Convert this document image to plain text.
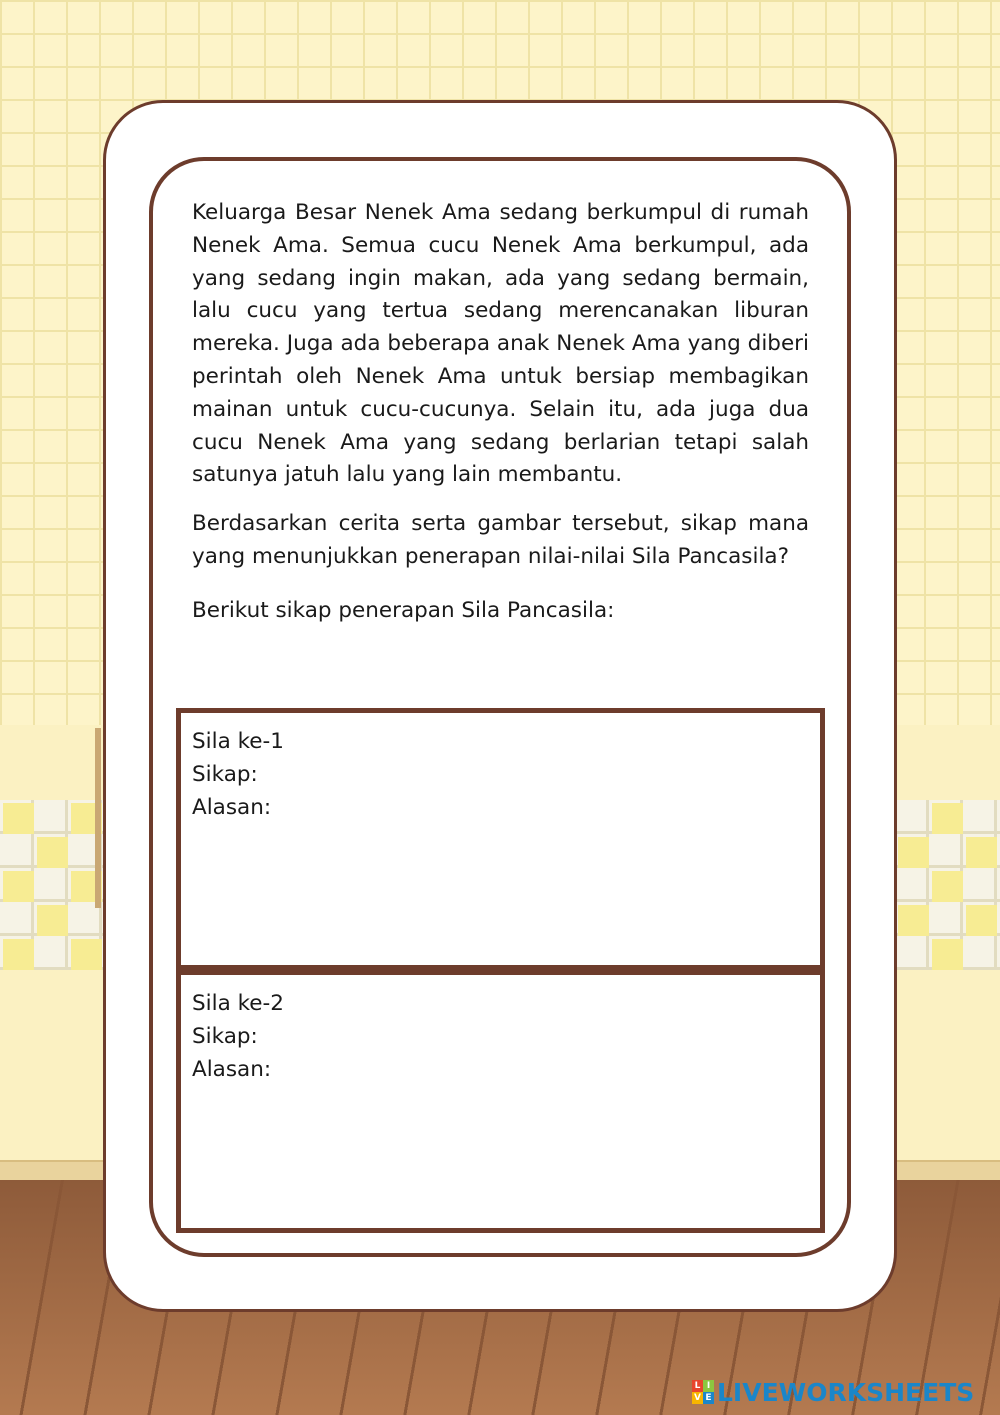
Keluarga Besar Nenek Ama sedang berkumpul di rumah Nenek Ama. Semua cucu Nenek Ama berkumpul, ada yang sedang ingin makan, ada yang sedang bermain, lalu cucu yang tertua sedang merencanakan liburan mereka. Juga ada beberapa anak Nenek Ama yang diberi perintah oleh Nenek Ama untuk bersiap membagikan mainan untuk cucu-cucunya. Selain itu, ada juga dua cucu Nenek Ama yang sedang berlarian tetapi salah satunya jatuh lalu yang lain membantu.

Berdasarkan cerita serta gambar tersebut, sikap mana yang menunjukkan penerapan nilai-nilai Sila Pancasila?

Berikut sikap penerapan Sila Pancasila:

Sila ke-1
Sikap:
Alasan:
Sila ke-2
Sikap:
Alasan:
L I
V E LIVEWORKSHEETS
